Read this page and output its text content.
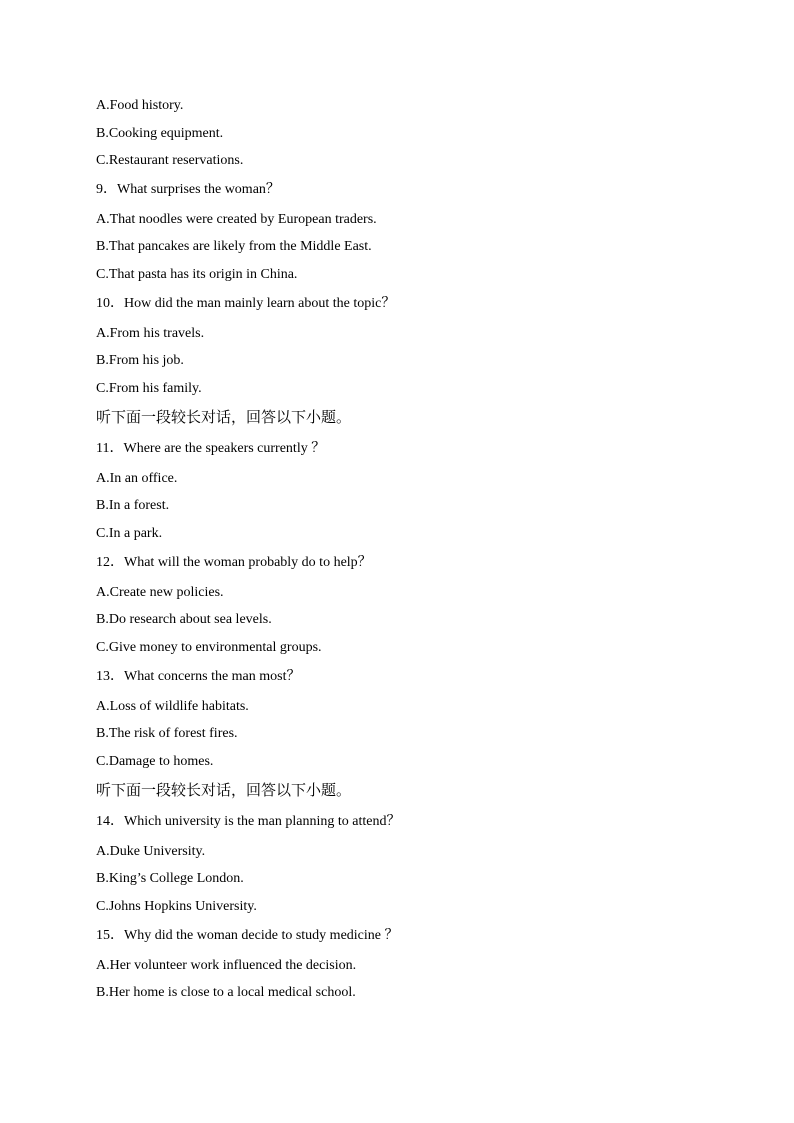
A.Food history.
B.Cooking equipment.
C.Restaurant reservations.
9．What surprises the woman？
A.That noodles were created by European traders.
B.That pancakes are likely from the Middle East.
C.That pasta has its origin in China.
10．How did the man mainly learn about the topic？
A.From his travels.
B.From his job.
C.From his family.
听下面一段较长对话，回答以下小题。
11．Where are the speakers currently ？
A.In an office.
B.In a forest.
C.In a park.
12．What will the woman probably do to help？
A.Create new policies.
B.Do research about sea levels.
C.Give money to environmental groups.
13．What concerns the man most？
A.Loss of wildlife habitats.
B.The risk of forest fires.
C.Damage to homes.
听下面一段较长对话，回答以下小题。
14．Which university is the man planning to attend？
A.Duke University.
B.King’s College London.
C.Johns Hopkins University.
15．Why did the woman decide to study medicine ？
A.Her volunteer work influenced the decision.
B.Her home is close to a local medical school.
